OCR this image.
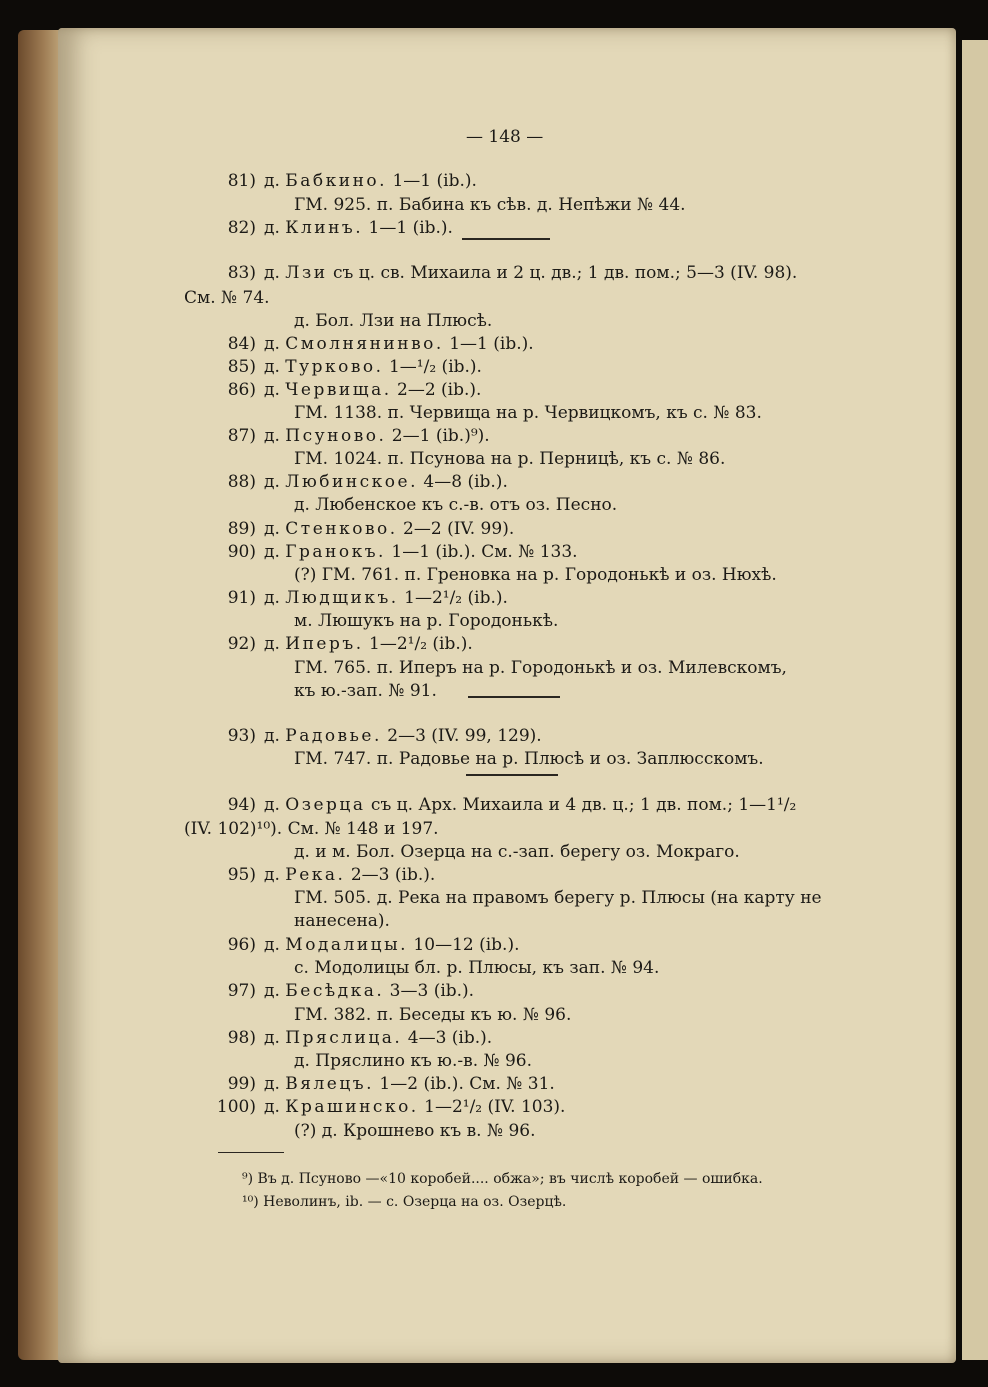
— 148 —
81) д. Бабкино. 1—1 (ib.).
ГМ. 925. п. Бабина къ сѣв. д. Непѣжи № 44.
82) д. Клинъ. 1—1 (ib.).
83) д. Лзи съ ц. св. Михаила и 2 ц. дв.; 1 дв. пом.; 5—3 (IV. 98).
См. № 74.
д. Бол. Лзи на Плюсѣ.
84) д. Смолнянинво. 1—1 (ib.).
85) д. Турково. 1—¹/₂ (ib.).
86) д. Червища. 2—2 (ib.).
ГМ. 1138. п. Червища на р. Червицкомъ, къ с. № 83.
87) д. Псуново. 2—1 (ib.)⁹).
ГМ. 1024. п. Псунова на р. Перницѣ, къ с. № 86.
88) д. Любинское. 4—8 (ib.).
д. Любенское къ с.-в. отъ оз. Песно.
89) д. Стенково. 2—2 (IV. 99).
90) д. Гранокъ. 1—1 (ib.). См. № 133.
(?) ГМ. 761. п. Греновка на р. Городонькѣ и оз. Нюхѣ.
91) д. Людщикъ. 1—2¹/₂ (ib.).
м. Люшукъ на р. Городонькѣ.
92) д. Иперъ. 1—2¹/₂ (ib.).
ГМ. 765. п. Иперъ на р. Городонькѣ и оз. Милевскомъ,
къ ю.-зап. № 91.
93) д. Радовье. 2—3 (IV. 99, 129).
ГМ. 747. п. Радовье на р. Плюсѣ и оз. Заплюсскомъ.
94) д. Озерца съ ц. Арх. Михаила и 4 дв. ц.; 1 дв. пом.; 1—1¹/₂
(IV. 102)¹⁰). См. № 148 и 197.
д. и м. Бол. Озерца на с.-зап. берегу оз. Мокраго.
95) д. Река. 2—3 (ib.).
ГМ. 505. д. Река на правомъ берегу р. Плюсы (на карту не
нанесена).
96) д. Модалицы. 10—12 (ib.).
с. Модолицы бл. р. Плюсы, къ зап. № 94.
97) д. Бесѣдка. 3—3 (ib.).
ГМ. 382. п. Беседы къ ю. № 96.
98) д. Пряслица. 4—3 (ib.).
д. Пряслино къ ю.-в. № 96.
99) д. Вялецъ. 1—2 (ib.). См. № 31.
100) д. Крашинско. 1—2¹/₂ (IV. 103).
(?) д. Крошнево къ в. № 96.
⁹) Въ д. Псуново —«10 коробей.... обжа»; въ числѣ коробей — ошибка.
¹⁰) Неволинъ, ib. — с. Озерца на оз. Озерцѣ.
